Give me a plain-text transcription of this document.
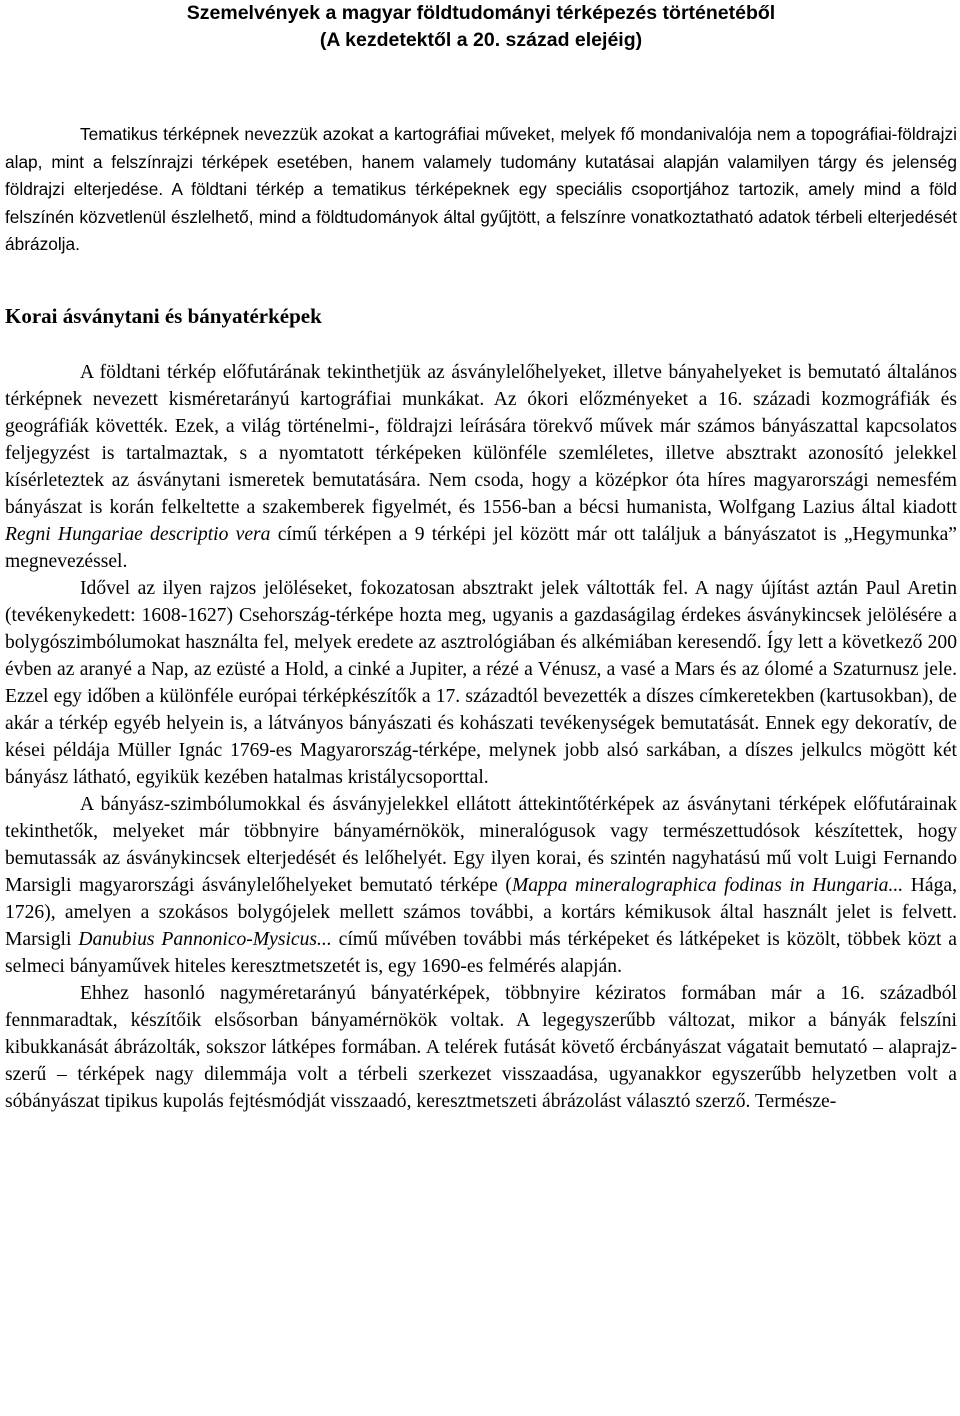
Szemelvények a magyar földtudományi térképezés történetéből
(A kezdetektől a 20. század elejéig)

Tematikus térképnek nevezzük azokat a kartográfiai műveket, melyek fő mondanivalója nem a topográfiai-földrajzi alap, mint a felszínrajzi térképek esetében, hanem valamely tudomány kutatásai alapján valamilyen tárgy és jelenség földrajzi elterjedése. A földtani térkép a tematikus térképeknek egy speciális csoportjához tartozik, amely mind a föld felszínén közvetlenül észlelhető, mind a földtudományok által gyűjtött, a felszínre vonatkoztatható adatok térbeli elterjedését ábrázolja.

Korai ásványtani és bányatérképek

A földtani térkép előfutárának tekinthetjük az ásványlelőhelyeket, illetve bányahelyeket is bemutató általános térképnek nevezett kisméretarányú kartográfiai munkákat. Az ókori előzményeket a 16. századi kozmográfiák és geográfiák követték. Ezek, a világ történelmi-, földrajzi leírására törekvő művek már számos bányászattal kapcsolatos feljegyzést is tartalmaztak, s a nyomtatott térképeken különféle szemléletes, illetve absztrakt azonosító jelekkel kísérleteztek az ásványtani ismeretek bemutatására. Nem csoda, hogy a középkor óta híres magyarországi nemesfém bányászat is korán felkeltette a szakemberek figyelmét, és 1556-ban a bécsi humanista, Wolfgang Lazius által kiadott Regni Hungariae descriptio vera című térképen a 9 térképi jel között már ott találjuk a bányászatot is „Hegymunka” megnevezéssel.

Idővel az ilyen rajzos jelöléseket, fokozatosan absztrakt jelek váltották fel. A nagy újítást aztán Paul Aretin (tevékenykedett: 1608-1627) Csehország-térképe hozta meg, ugyanis a gazdaságilag érdekes ásványkincsek jelölésére a bolygószimbólumokat használta fel, melyek eredete az asztrológiában és alkémiában keresendő. Így lett a következő 200 évben az aranyé a Nap, az ezüsté a Hold, a cinké a Jupiter, a rézé a Vénusz, a vasé a Mars és az ólomé a Szaturnusz jele. Ezzel egy időben a különféle európai térképkészítők a 17. századtól bevezették a díszes címkeretekben (kartusokban), de akár a térkép egyéb helyein is, a látványos bányászati és kohászati tevékenységek bemutatását. Ennek egy dekoratív, de kései példája Müller Ignác 1769-es Magyarország-térképe, melynek jobb alsó sarkában, a díszes jelkulcs mögött két bányász látható, egyikük kezében hatalmas kristálycsoporttal.

A bányász-szimbólumokkal és ásványjelekkel ellátott áttekintőtérképek az ásványtani térképek előfutárainak tekinthetők, melyeket már többnyire bányamérnökök, mineralógusok vagy természettudósok készítettek, hogy bemutassák az ásványkincsek elterjedését és lelőhelyét. Egy ilyen korai, és szintén nagyhatású mű volt Luigi Fernando Marsigli magyarországi ásványlelőhelyeket bemutató térképe (Mappa mineralographica fodinas in Hungaria... Hága, 1726), amelyen a szokásos bolygójelek mellett számos további, a kortárs kémikusok által használt jelet is felvett. Marsigli Danubius Pannonico-Mysicus... című művében további más térképeket és látképeket is közölt, többek közt a selmeci bányaművek hiteles keresztmetszetét is, egy 1690-es felmérés alapján.

Ehhez hasonló nagyméretarányú bányatérképek, többnyire kéziratos formában már a 16. századból fennmaradtak, készítőik elsősorban bányamérnökök voltak. A legegyszerűbb változat, mikor a bányák felszíni kibukkanását ábrázolták, sokszor látképes formában. A telérek futását követő ércbányászat vágatait bemutató – alaprajz-szerű – térképek nagy dilemmája volt a térbeli szerkezet visszaadása, ugyanakkor egyszerűbb helyzetben volt a sóbányászat tipikus kupolás fejtésmódját visszaadó, keresztmetszeti ábrázolást választó szerző. Természe-
